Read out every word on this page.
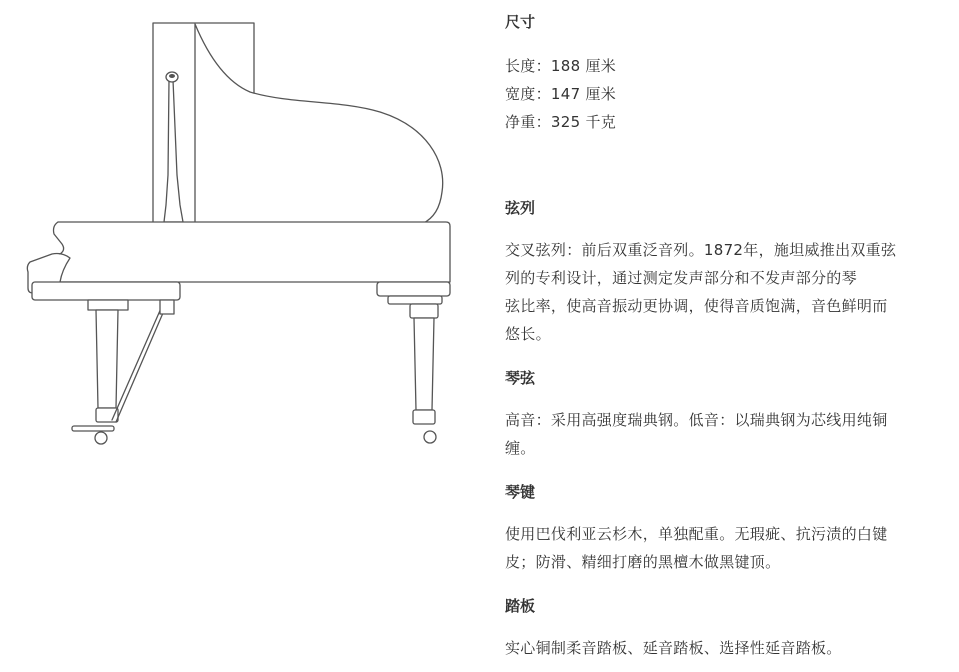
尺寸

长度：188 厘米

宽度：147 厘米

净重：325 千克

弦列

交叉弦列：前后双重泛音列。1872年，施坦威推出双重弦

列的专利设计，通过测定发声部分和不发声部分的琴

弦比率，使高音振动更协调，使得音质饱满，音色鲜明而

悠长。

琴弦

高音：采用高强度瑞典钢。低音：以瑞典钢为芯线用纯铜

缠。

琴键

使用巴伐利亚云杉木，单独配重。无瑕疵、抗污渍的白键

皮；防滑、精细打磨的黑檀木做黑键顶。

踏板

实心铜制柔音踏板、延音踏板、选择性延音踏板。
